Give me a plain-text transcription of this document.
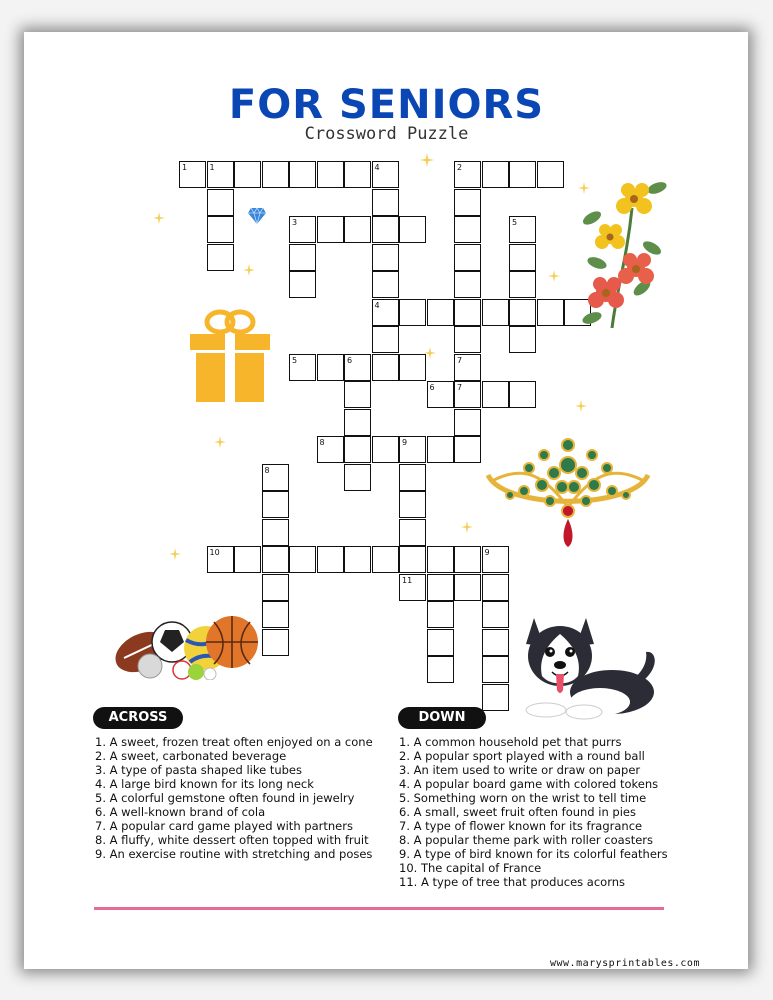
FOR SENIORS
Crossword Puzzle
1	1	4	2
3	5
4
5	6	7
6	7
8	9
8
10	9
11
ACROSS	DOWN
1. A sweet, frozen treat often enjoyed on a cone
2. A sweet, carbonated beverage
3. A type of pasta shaped like tubes
4. A large bird known for its long neck
5. A colorful gemstone often found in jewelry
6. A well-known brand of cola
7. A popular card game played with partners
8. A fluffy, white dessert often topped with fruit
9. An exercise routine with stretching and poses
1. A common household pet that purrs
2. A popular sport played with a round ball
3. An item used to write or draw on paper
4. A popular board game with colored tokens
5. Something worn on the wrist to tell time
6. A small, sweet fruit often found in pies
7. A type of flower known for its fragrance
8. A popular theme park with roller coasters
9. A type of bird known for its colorful feathers
10. The capital of France
11. A type of tree that produces acorns
www.marysprintables.com
